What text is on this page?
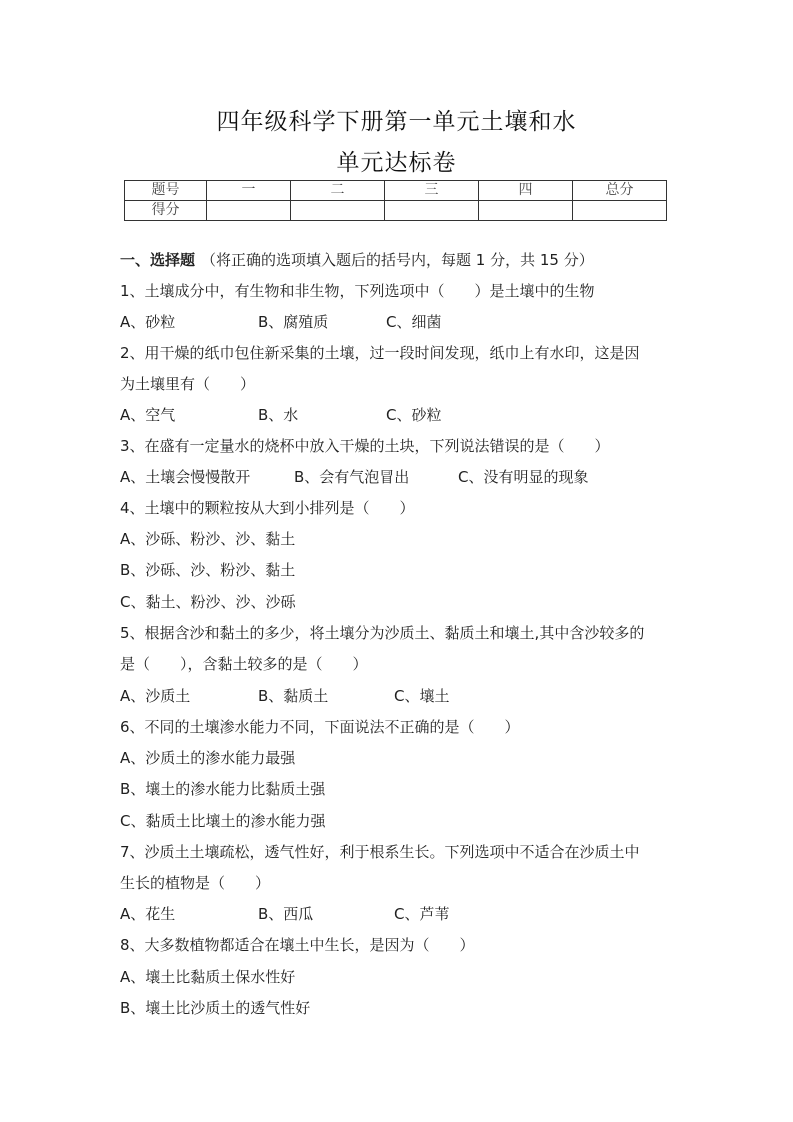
四年级科学下册第一单元土壤和水
单元达标卷
题号	一	二	三	四	总分
得分					
一、选择题 （将正确的选项填入题后的括号内，每题 1 分，共 15 分）
1、土壤成分中，有生物和非生物，下列选项中（　　）是土壤中的生物
A、砂粒	B、腐殖质	C、细菌
2、用干燥的纸巾包住新采集的土壤，过一段时间发现，纸巾上有水印，这是因
为土壤里有（　　）
A、空气	B、水	C、砂粒
3、在盛有一定量水的烧杯中放入干燥的土块，下列说法错误的是（　　）
A、土壤会慢慢散开	B、会有气泡冒出	C、没有明显的现象
4、土壤中的颗粒按从大到小排列是（　　）
A、沙砾、粉沙、沙、黏土
B、沙砾、沙、粉沙、黏土
C、黏土、粉沙、沙、沙砾
5、根据含沙和黏土的多少，将土壤分为沙质土、黏质土和壤土,其中含沙较多的
是（　　），含黏土较多的是（　　）
A、沙质土	B、黏质土	C、壤土
6、不同的土壤渗水能力不同，下面说法不正确的是（　　）
A、沙质土的渗水能力最强
B、壤土的渗水能力比黏质土强
C、黏质土比壤土的渗水能力强
7、沙质土土壤疏松，透气性好，利于根系生长。下列选项中不适合在沙质土中
生长的植物是（　　）
A、花生	B、西瓜	C、芦苇
8、大多数植物都适合在壤土中生长，是因为（　　）
A、壤土比黏质土保水性好
B、壤土比沙质土的透气性好
